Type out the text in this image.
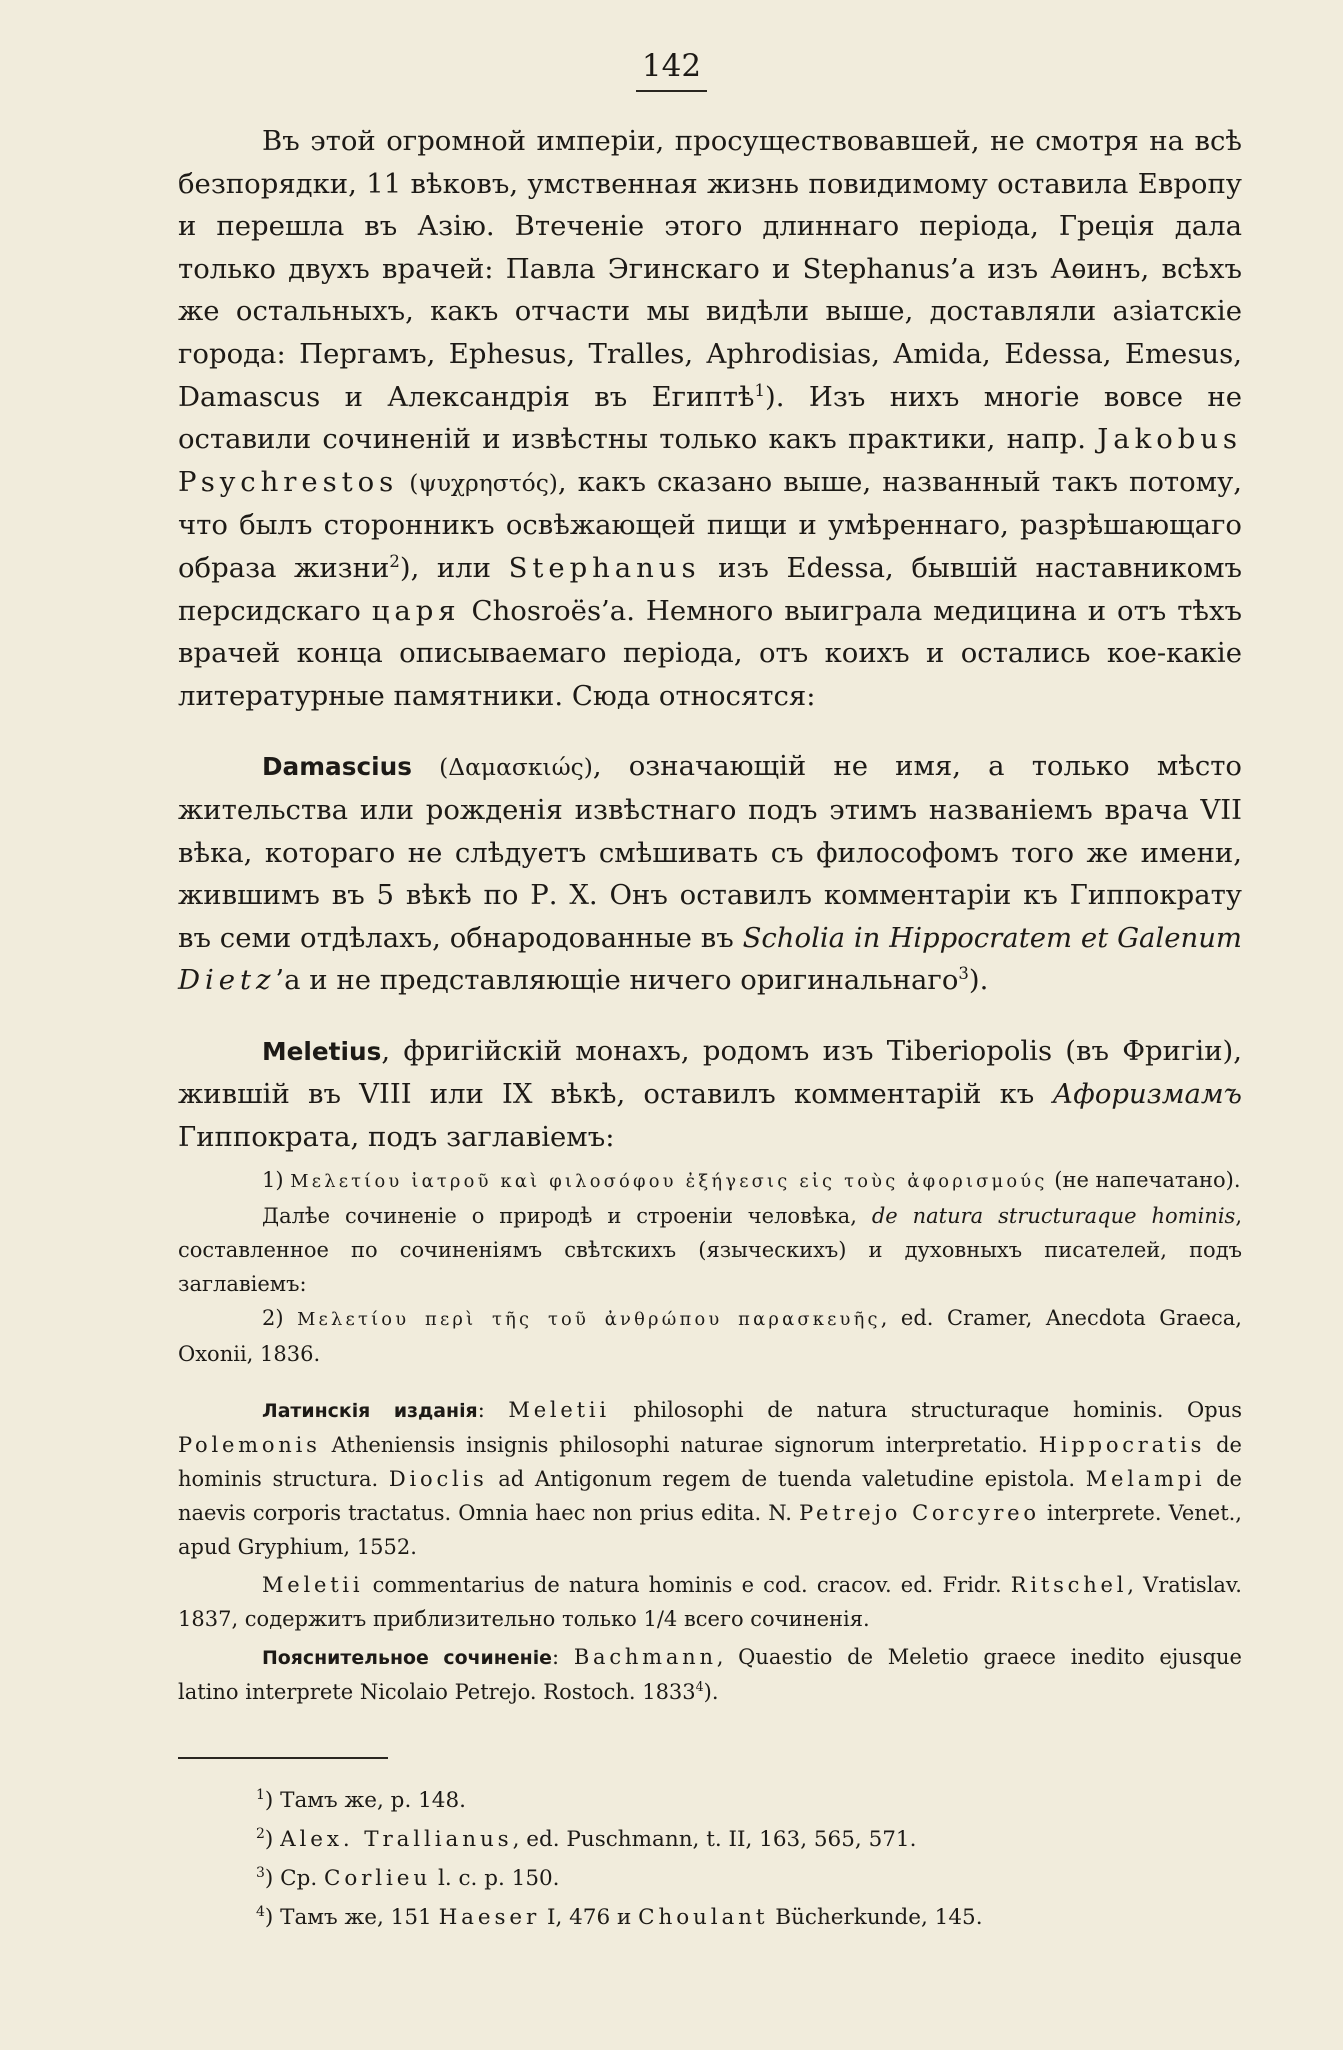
142

Въ этой огромной имперіи, просуществовавшей, не смотря на всѣ безпорядки, 11 вѣковъ, умственная жизнь повидимому оставила Европу и перешла въ Азію. Втеченіе этого длиннаго періода, Грецiя дала только двухъ врачей: Павла Эгинскаго и Stephanus’а изъ Аѳинъ, всѣхъ же остальныхъ, какъ отчасти мы видѣли выше, доставляли азіатскіе города: Пергамъ, Ephesus, Tralles, Aphrodisias, Amida, Edessa, Emesus, Damascus и Александрія въ Египтѣ$^1$). Изъ нихъ многіе вовсе не оставили сочиненій и извѣстны только какъ практики, напр. Jakobus Psychrestos (ψυχρηστός), какъ сказано выше, названный такъ потому, что былъ сторонникъ освѣжающей пищи и умѣреннаго, разрѣшающаго образа жизни$^2$), или Stephanus изъ Edessa, бывшій наставникомъ персидскаго царя Chosroës’а. Немного выиграла медицина и отъ тѣхъ врачей конца описываемаго періода, отъ коихъ и остались кое-какіе литературные памятники. Сюда относятся:

Damascius (Δαμασκιώς), означающій не имя, а только мѣсто жительства или рожденія извѣстнаго подъ этимъ названіемъ врача VII вѣка, котораго не слѣдуетъ смѣшивать съ философомъ того же имени, жившимъ въ 5 вѣкѣ по Р. Х. Онъ оставилъ комментаріи къ Гиппократу въ семи отдѣлахъ, обнародованные въ Scholia in Hippocratem et Galenum Dietz’а и не представляющіе ничего оригинальнаго$^3$).

Meletius, фригійскій монахъ, родомъ изъ Tiberiopolis (въ Фригіи), жившій въ VIII или IX вѣкѣ, оставилъ комментарій къ Афоризмамъ Гиппократа, подъ заглавіемъ:

1) Μελετίου ἰατροῦ καὶ φιλοσόφου ἐξήγεσις εἰς τοὺς ἀφορισμούς (не напечатано).

Далѣе сочиненіе о природѣ и строеніи человѣка, de natura structuraque hominis, составленное по сочиненіямъ свѣтскихъ (языческихъ) и духовныхъ писателей, подъ заглавіемъ:

2) Μελετίου περὶ τῆς τοῦ ἀνθρώπου παρασκευῆς, ed. Cramer, Anecdota Graeca, Oxonii, 1836.

Латинскія изданія: Meletii philosophi de natura structuraque hominis. Opus Polemonis Atheniensis insignis philosophi naturae signorum interpretatio. Hippocratis de hominis structura. Dioclis ad Antigonum regem de tuenda valetudine epistola. Melampi de naevis corporis tractatus. Omnia haec non prius edita. N. Petrejo Corcyreo interprete. Venet., apud Gryphium, 1552.

Meletii commentarius de natura hominis e cod. cracov. ed. Fridr. Ritschel, Vratislav. 1837, содержитъ приблизительно только 1/4 всего сочиненія.

Пояснительное сочиненіе: Bachmann, Quaestio de Meletio graece inedito ejusque latino interprete Nicolaio Petrejo. Rostoch. 1833$^4$).

$^1$) Тамъ же, p. 148.
$^2$) Alex. Trallianus, ed. Puschmann, t. II, 163, 565, 571.
$^3$) Cp. Corlieu l. c. p. 150.
$^4$) Тамъ же, 151 Haeser I, 476 и Choulant Bücherkunde, 145.
